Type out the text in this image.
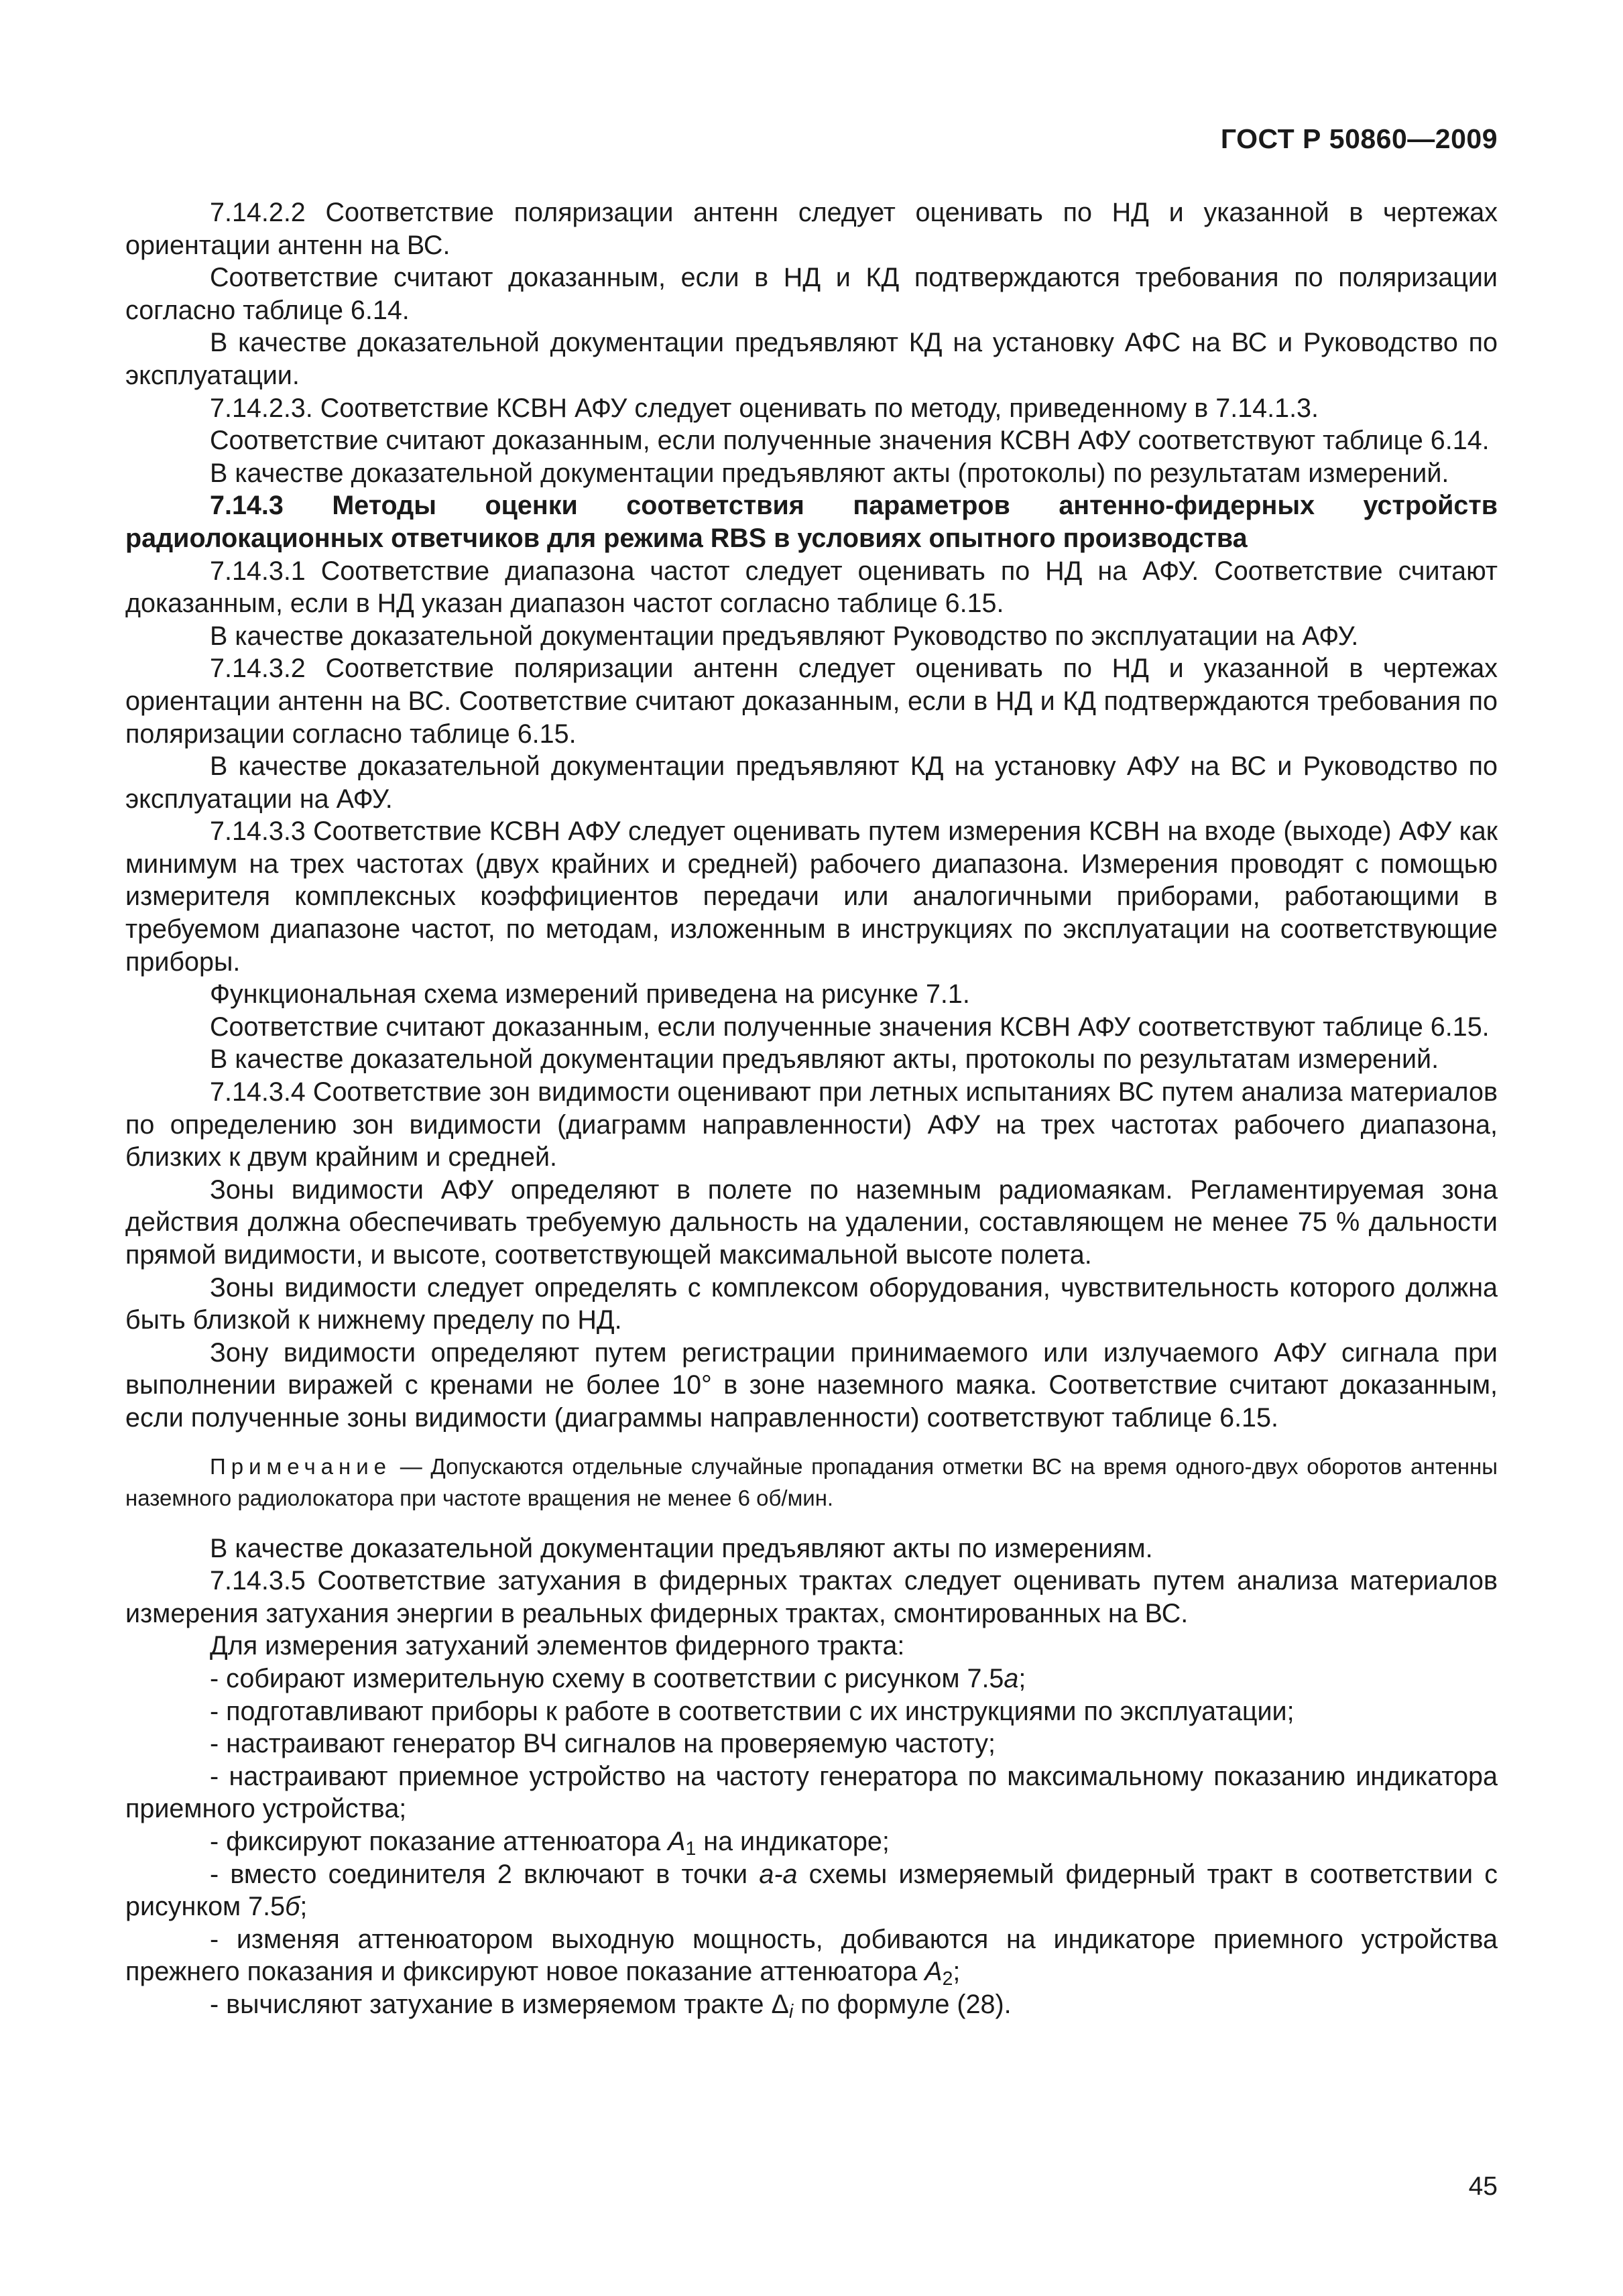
ГОСТ Р 50860—2009

7.14.2.2 Соответствие поляризации антенн следует оценивать по НД и указанной в чертежах ориентации антенн на ВС.

Соответствие считают доказанным, если в НД и КД подтверждаются требования по поляризации согласно таблице 6.14.

В качестве доказательной документации предъявляют КД на установку АФС на ВС и Руководство по эксплуатации.

7.14.2.3. Соответствие КСВН АФУ следует оценивать по методу, приведенному в 7.14.1.3.

Соответствие считают доказанным, если полученные значения КСВН АФУ соответствуют таблице 6.14.

В качестве доказательной документации предъявляют акты (протоколы) по результатам измерений.

7.14.3 Методы оценки соответствия параметров антенно-фидерных устройств радиолокационных ответчиков для режима RBS в условиях опытного производства

7.14.3.1 Соответствие диапазона частот следует оценивать по НД на АФУ. Соответствие считают доказанным, если в НД указан диапазон частот согласно таблице 6.15.

В качестве доказательной документации предъявляют Руководство по эксплуатации на АФУ.

7.14.3.2 Соответствие поляризации антенн следует оценивать по НД и указанной в чертежах ориентации антенн на ВС. Соответствие считают доказанным, если в НД и КД подтверждаются требования по поляризации согласно таблице 6.15.

В качестве доказательной документации предъявляют КД на установку АФУ на ВС и Руководство по эксплуатации на АФУ.

7.14.3.3 Соответствие КСВН АФУ следует оценивать путем измерения КСВН на входе (выходе) АФУ как минимум на трех частотах (двух крайних и средней) рабочего диапазона. Измерения проводят с помощью измерителя комплексных коэффициентов передачи или аналогичными приборами, работающими в требуемом диапазоне частот, по методам, изложенным в инструкциях по эксплуатации на соответствующие приборы.

Функциональная схема измерений приведена на рисунке 7.1.

Соответствие считают доказанным, если полученные значения КСВН АФУ соответствуют таблице 6.15.

В качестве доказательной документации предъявляют акты, протоколы по результатам измерений.

7.14.3.4 Соответствие зон видимости оценивают при летных испытаниях ВС путем анализа материалов по определению зон видимости (диаграмм направленности) АФУ на трех частотах рабочего диапазона, близких к двум крайним и средней.

Зоны видимости АФУ определяют в полете по наземным радиомаякам. Регламентируемая зона действия должна обеспечивать требуемую дальность на удалении, составляющем не менее 75 % дальности прямой видимости, и высоте, соответствующей максимальной высоте полета.

Зоны видимости следует определять с комплексом оборудования, чувствительность которого должна быть близкой к нижнему пределу по НД.

Зону видимости определяют путем регистрации принимаемого или излучаемого АФУ сигнала при выполнении виражей с кренами не более 10° в зоне наземного маяка. Соответствие считают доказанным, если полученные зоны видимости (диаграммы направленности) соответствуют таблице 6.15.

Примечание — Допускаются отдельные случайные пропадания отметки ВС на время одного-двух оборотов антенны наземного радиолокатора при частоте вращения не менее 6 об/мин.

В качестве доказательной документации предъявляют акты по измерениям.

7.14.3.5 Соответствие затухания в фидерных трактах следует оценивать путем анализа материалов измерения затухания энергии в реальных фидерных трактах, смонтированных на ВС.

Для измерения затуханий элементов фидерного тракта:

- собирают измерительную схему в соответствии с рисунком 7.5а;

- подготавливают приборы к работе в соответствии с их инструкциями по эксплуатации;

- настраивают генератор ВЧ сигналов на проверяемую частоту;

- настраивают приемное устройство на частоту генератора по максимальному показанию индикатора приемного устройства;

- фиксируют показание аттенюатора $A_1$ на индикаторе;

- вместо соединителя 2 включают в точки а-а схемы измеряемый фидерный тракт в соответствии с рисунком 7.5б;

- изменяя аттенюатором выходную мощность, добиваются на индикаторе приемного устройства прежнего показания и фиксируют новое показание аттенюатора $A_2$;

- вычисляют затухание в измеряемом тракте $\Delta_i$ по формуле (28).

45
